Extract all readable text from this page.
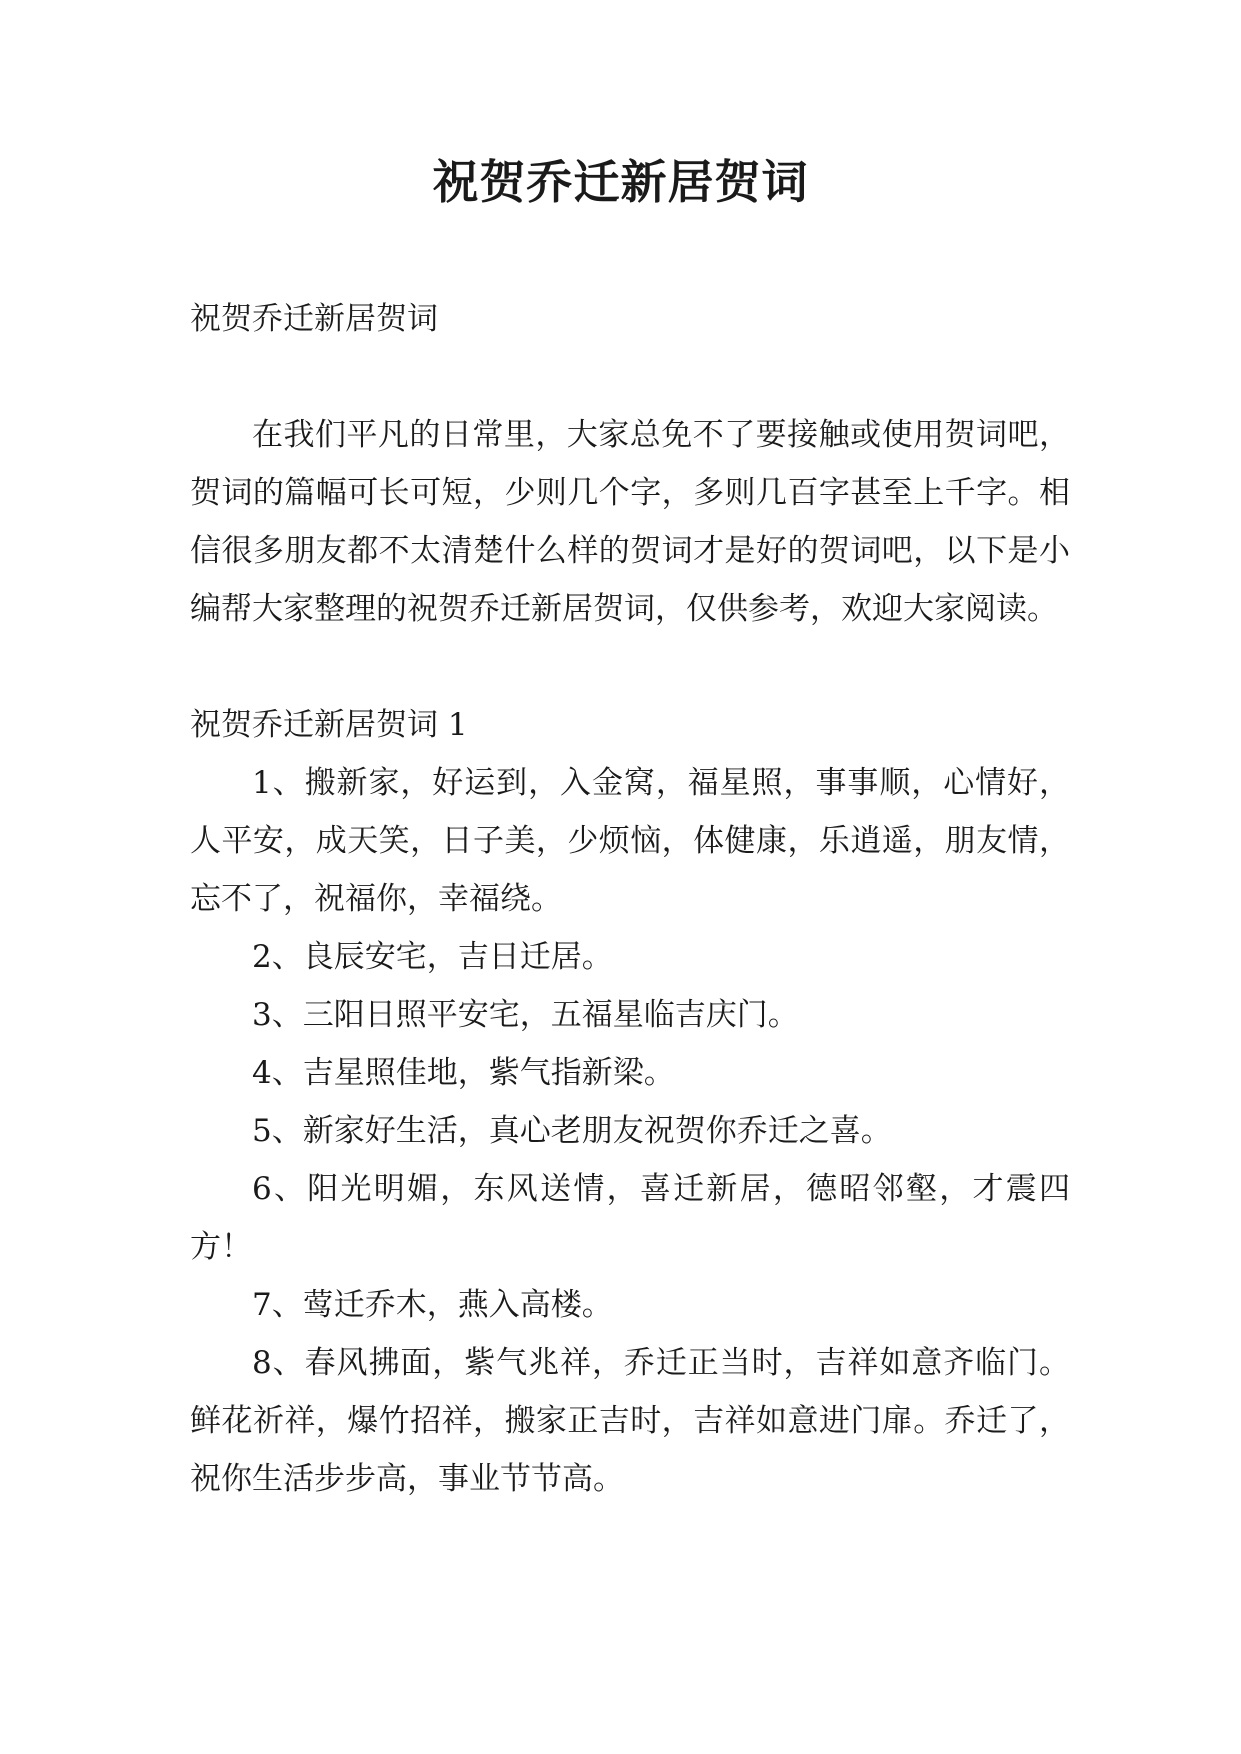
祝贺乔迁新居贺词

祝贺乔迁新居贺词

在我们平凡的日常里，大家总免不了要接触或使用贺词吧，贺词的篇幅可长可短，少则几个字，多则几百字甚至上千字。相信很多朋友都不太清楚什么样的贺词才是好的贺词吧，以下是小编帮大家整理的祝贺乔迁新居贺词，仅供参考，欢迎大家阅读。

祝贺乔迁新居贺词 1

1、搬新家，好运到，入金窝，福星照，事事顺，心情好，人平安，成天笑，日子美，少烦恼，体健康，乐逍遥，朋友情，忘不了，祝福你，幸福绕。

2、良辰安宅，吉日迁居。

3、三阳日照平安宅，五福星临吉庆门。

4、吉星照佳地，紫气指新梁。

5、新家好生活，真心老朋友祝贺你乔迁之喜。

6、阳光明媚，东风送情，喜迁新居，德昭邻壑，才震四方！

7、莺迁乔木，燕入高楼。

8、春风拂面，紫气兆祥，乔迁正当时，吉祥如意齐临门。鲜花祈祥，爆竹招祥，搬家正吉时，吉祥如意进门扉。乔迁了，祝你生活步步高，事业节节高。
